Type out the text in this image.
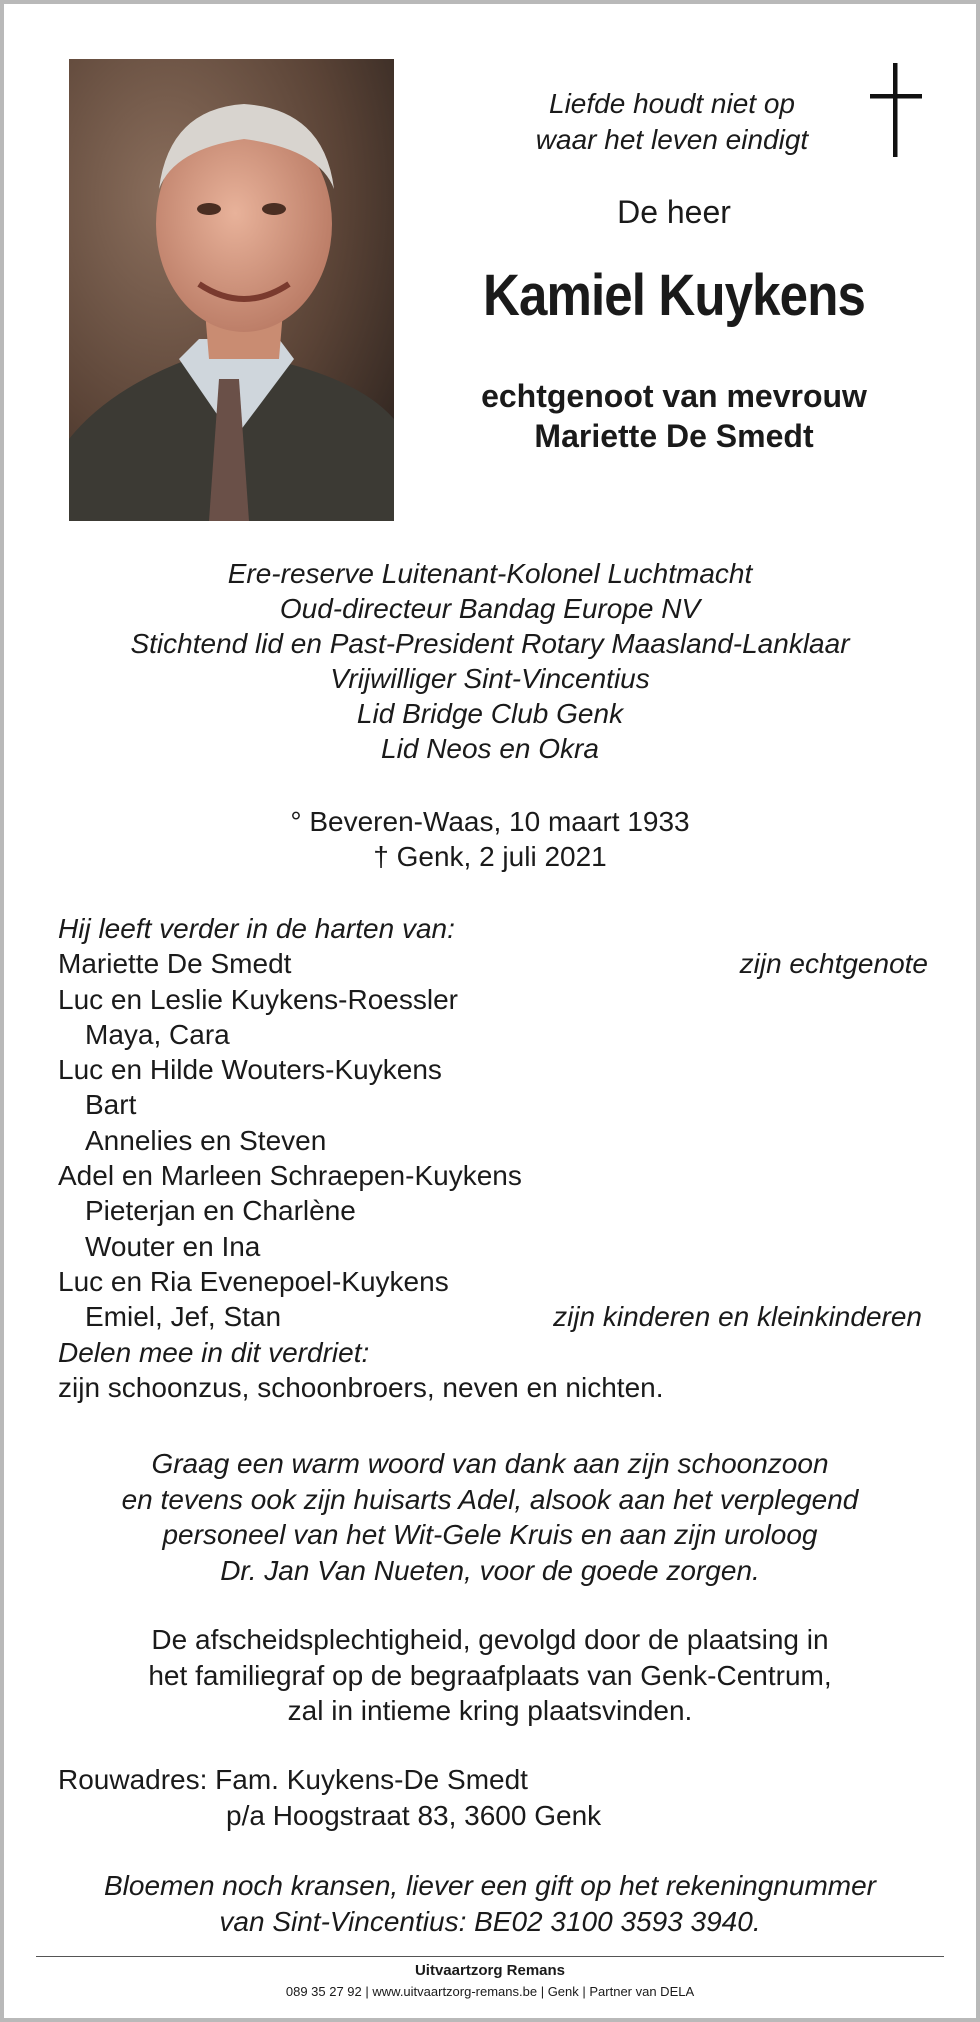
Liefde houdt niet op
waar het leven eindigt
De heer
Kamiel Kuykens
echtgenoot van mevrouw
Mariette De Smedt
Ere-reserve Luitenant-Kolonel Luchtmacht
Oud-directeur Bandag Europe NV
Stichtend lid en Past-President Rotary Maasland-Lanklaar
Vrijwilliger Sint-Vincentius
Lid Bridge Club Genk
Lid Neos en Okra
° Beveren-Waas, 10 maart 1933
† Genk, 2 juli 2021
Hij leeft verder in de harten van:
Mariette De Smedt	zijn echtgenote
Luc en Leslie Kuykens-Roessler
Maya, Cara
Luc en Hilde Wouters-Kuykens
Bart
Annelies en Steven
Adel en Marleen Schraepen-Kuykens
Pieterjan en Charlène
Wouter en Ina
Luc en Ria Evenepoel-Kuykens
Emiel, Jef, Stan	zijn kinderen en kleinkinderen
Delen mee in dit verdriet:
zijn schoonzus, schoonbroers, neven en nichten.
Graag een warm woord van dank aan zijn schoonzoon
en tevens ook zijn huisarts Adel, alsook aan het verplegend
personeel van het Wit-Gele Kruis en aan zijn uroloog
Dr. Jan Van Nueten, voor de goede zorgen.
De afscheidsplechtigheid, gevolgd door de plaatsing in
het familiegraf op de begraafplaats van Genk-Centrum,
zal in intieme kring plaatsvinden.
Rouwadres: Fam. Kuykens-De Smedt
p/a Hoogstraat 83, 3600 Genk
Bloemen noch kransen, liever een gift op het rekeningnummer
van Sint-Vincentius: BE02 3100 3593 3940.
Uitvaartzorg Remans
089 35 27 92 | www.uitvaartzorg-remans.be | Genk | Partner van DELA
